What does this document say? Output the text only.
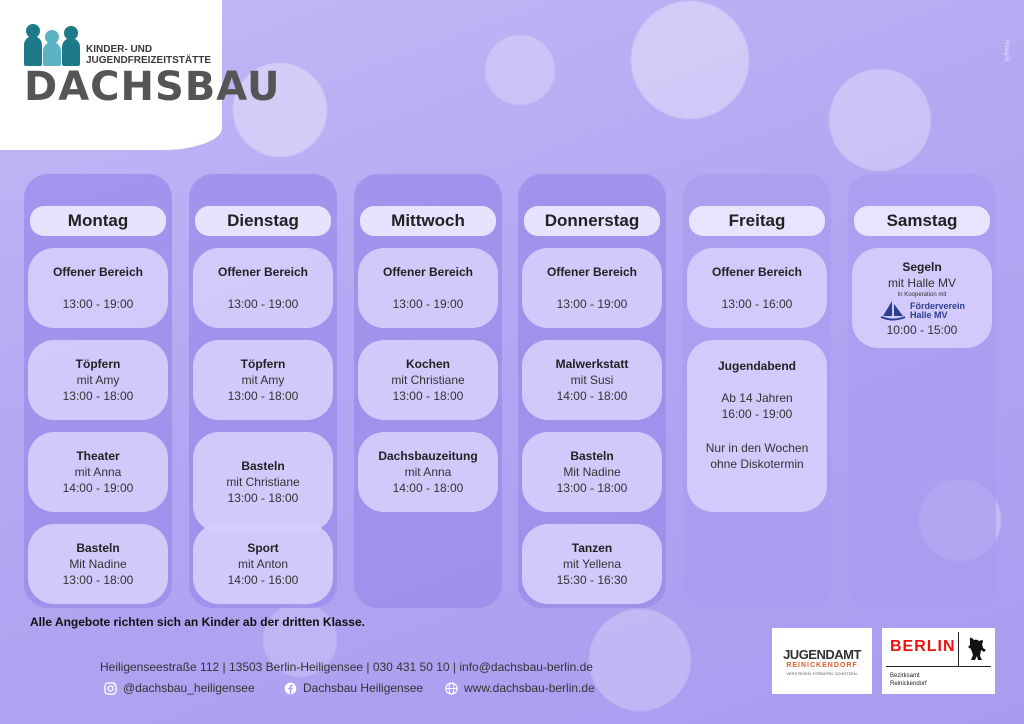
KINDER- UND
JUGENDFREIZEITSTÄTTE
DACHSBAU
Freepik
Montag
Offener Bereich
13:00 - 19:00
Töpfern
mit Amy
13:00 - 18:00
Theater
mit Anna
14:00 - 19:00
Basteln
Mit Nadine
13:00 - 18:00
Dienstag
Offener Bereich
13:00 - 19:00
Töpfern
mit Amy
13:00 - 18:00
Basteln
mit Christiane
13:00 - 18:00
Sport
mit Anton
14:00 - 16:00
Mittwoch
Offener Bereich
13:00 - 19:00
Kochen
mit Christiane
13:00 - 18:00
Dachsbauzeitung
mit Anna
14:00 - 18:00
Donnerstag
Offener Bereich
13:00 - 19:00
Malwerkstatt
mit Susi
14:00 - 18:00
Basteln
Mit Nadine
13:00 - 18:00
Tanzen
mit Yellena
15:30 - 16:30
Freitag
Offener Bereich
13:00 - 16:00
Jugendabend
Ab 14 Jahren
16:00 - 19:00
Nur in den Wochen
ohne Diskotermin
Samstag
Segeln
mit Halle MV
In Kooperation mit
Förderverein
Halle MV
10:00 - 15:00
Alle Angebote richten sich an Kinder ab der dritten Klasse.
Heiligenseestraße 112 | 13503 Berlin-Heiligensee | 030 431 50 10 | info@dachsbau-berlin.de
@dachsbau_heiligensee	Dachsbau Heiligensee	www.dachsbau-berlin.de
JUGENDAMT
REINICKENDORF
VERSTEHEN. FÖRDERN. SCHÜTZEN.
BERLIN
Bezirksamt
Reinickendorf
